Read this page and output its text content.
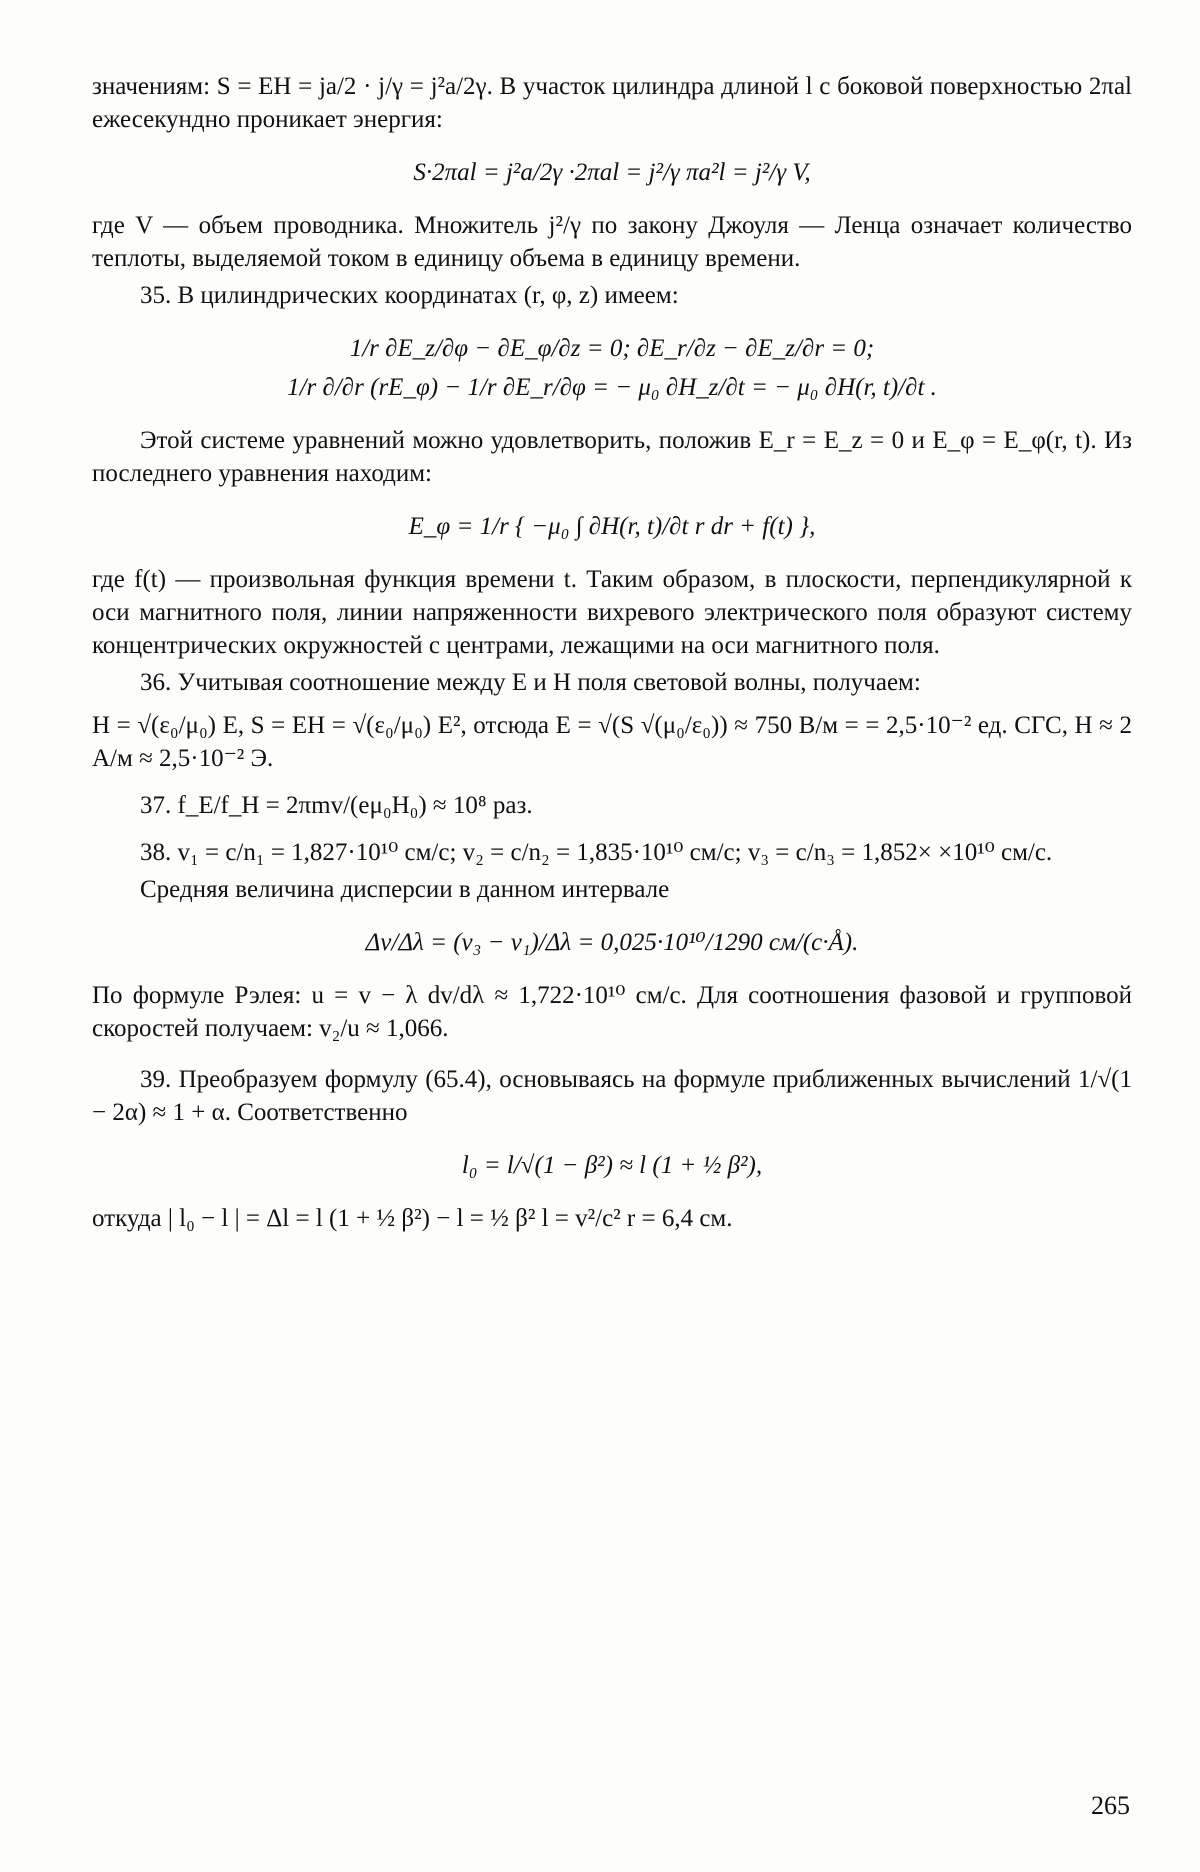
значениям: S = EH = ja/2 · j/γ = j²a/2γ. В участок цилиндра длиной l с боковой поверхностью 2πal ежесекундно проникает энергия:

S·2πal = j²a/2γ ·2πal = j²/γ πa²l = j²/γ V,

где V — объем проводника. Множитель j²/γ по закону Джоуля — Ленца означает количество теплоты, выделяемой током в единицу объема в единицу времени.

35. В цилиндрических координатах (r, φ, z) имеем:

1/r ∂E_z/∂φ − ∂E_φ/∂z = 0; ∂E_r/∂z − ∂E_z/∂r = 0;

1/r ∂/∂r (rE_φ) − 1/r ∂E_r/∂φ = − μ₀ ∂H_z/∂t = − μ₀ ∂H(r, t)/∂t .

Этой системе уравнений можно удовлетворить, положив E_r = E_z = 0 и E_φ = E_φ(r, t). Из последнего уравнения находим:

E_φ = 1/r { −μ₀ ∫ ∂H(r, t)/∂t r dr + f(t) },

где f(t) — произвольная функция времени t. Таким образом, в плоскости, перпендикулярной к оси магнитного поля, линии напряженности вихревого электрического поля образуют систему концентрических окружностей с центрами, лежащими на оси магнитного поля.

36. Учитывая соотношение между E и H поля световой волны, получаем:

H = √(ε₀/μ₀) E, S = EH = √(ε₀/μ₀) E², отсюда E = √(S √(μ₀/ε₀)) ≈ 750 В/м = = 2,5·10⁻² ед. СГС, H ≈ 2 А/м ≈ 2,5·10⁻² Э.

37. f_E/f_H = 2πmv/(eμ₀H₀) ≈ 10⁸ раз.

38. v₁ = c/n₁ = 1,827·10¹⁰ см/с; v₂ = c/n₂ = 1,835·10¹⁰ см/с; v₃ = c/n₃ = 1,852× ×10¹⁰ см/с.

Средняя величина дисперсии в данном интервале

Δv/Δλ = (v₃ − v₁)/Δλ = 0,025·10¹⁰/1290 см/(с·Å).

По формуле Рэлея: u = v − λ dv/dλ ≈ 1,722·10¹⁰ см/с. Для соотношения фазовой и групповой скоростей получаем: v₂/u ≈ 1,066.

39. Преобразуем формулу (65.4), основываясь на формуле приближенных вычислений 1/√(1 − 2α) ≈ 1 + α. Соответственно

l₀ = l/√(1 − β²) ≈ l (1 + ½ β²),

откуда | l₀ − l | = Δl = l (1 + ½ β²) − l = ½ β² l = v²/c² r = 6,4 см.

265
